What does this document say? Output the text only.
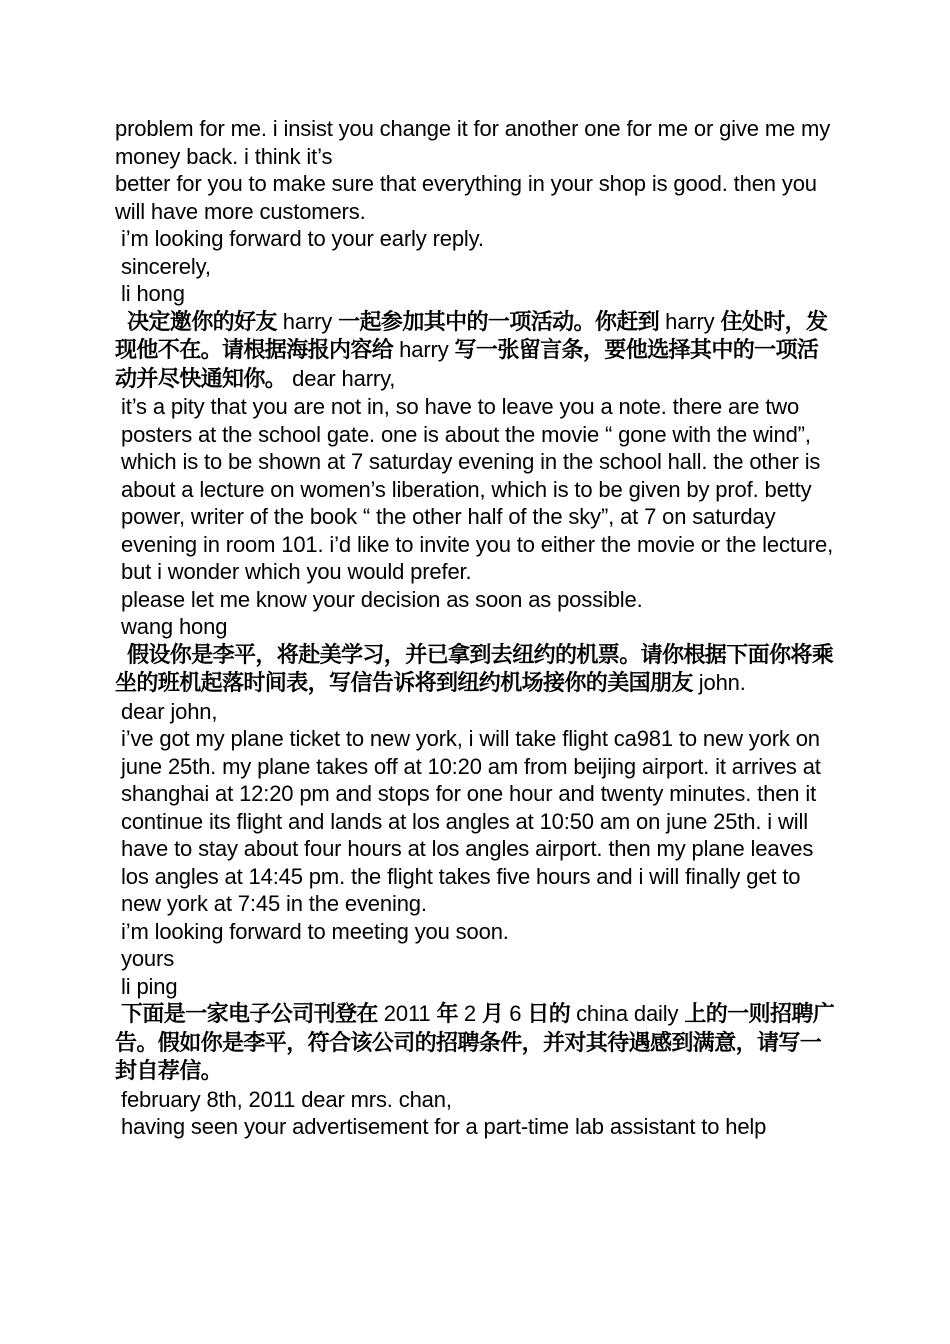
problem for me. i insist you change it for another one for me or give me my money back. i think it’s
better for you to make sure that everything in your shop is good. then you will have more customers.

i’m looking forward to your early reply.

sincerely,

li hong

决定邀你的好友 harry 一起参加其中的一项活动。你赶到 harry 住处时，发现他不在。请根据海报内容给 harry 写一张留言条，要他选择其中的一项活动并尽快通知你。 dear harry,

it’s a pity that you are not in, so have to leave you a note. there are two posters at the school gate. one is about the movie “ gone with the wind”, which is to be shown at 7 saturday evening in the school hall. the other is about a lecture on women’s liberation, which is to be given by prof. betty power, writer of the book “ the other half of the sky”, at 7 on saturday evening in room 101. i’d like to invite you to either the movie or the lecture, but i wonder which you would prefer.

please let me know your decision as soon as possible.

wang hong

假设你是李平，将赴美学习，并已拿到去纽约的机票。请你根据下面你将乘坐的班机起落时间表，写信告诉将到纽约机场接你的美国朋友 john.

dear john,

i’ve got my plane ticket to new york, i will take flight ca981 to new york on june 25th. my plane takes off at 10:20 am from beijing airport. it arrives at shanghai at 12:20 pm and stops for one hour and twenty minutes. then it continue its flight and lands at los angles at 10:50 am on june 25th. i will have to stay about four hours at los angles airport. then my plane leaves los angles at 14:45 pm. the flight takes five hours and i will finally get to new york at 7:45 in the evening.

i’m looking forward to meeting you soon.

yours

li ping

下面是一家电子公司刊登在 2011 年 2 月 6 日的 china daily 上的一则招聘广告。假如你是李平，符合该公司的招聘条件，并对其待遇感到满意，请写一封自荐信。

february 8th, 2011 dear mrs. chan,

having seen your advertisement for a part-time lab assistant to help
